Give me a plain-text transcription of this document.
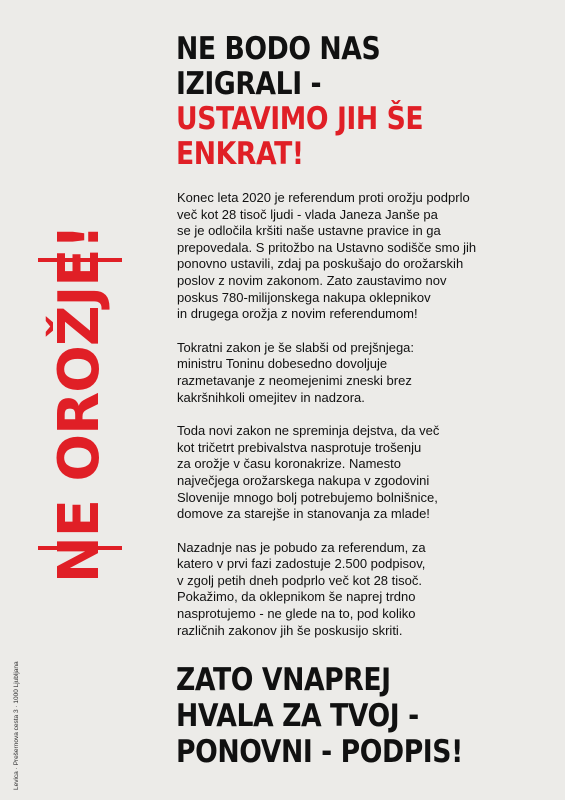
NE OROŽJE!
Levica · Prešernova cesta 3 · 1000 Ljubljana
NE BODO NAS
IZIGRALI -
USTAVIMO JIH ŠE
ENKRAT!

Konec leta 2020 je referendum proti orožju podprlo
več kot 28 tisoč ljudi - vlada Janeza Janše pa
se je odločila kršiti naše ustavne pravice in ga
prepovedala. S pritožbo na Ustavno sodišče smo jih
ponovno ustavili, zdaj pa poskušajo do orožarskih
poslov z novim zakonom. Zato zaustavimo nov
poskus 780-milijonskega nakupa oklepnikov
in drugega orožja z novim referendumom!

Tokratni zakon je še slabši od prejšnjega:
ministru Toninu dobesedno dovoljuje
razmetavanje z neomejenimi zneski brez
kakršnihkoli omejitev in nadzora.

Toda novi zakon ne spreminja dejstva, da več
kot tričetrt prebivalstva nasprotuje trošenju
za orožje v času koronakrize. Namesto
največjega orožarskega nakupa v zgodovini
Slovenije mnogo bolj potrebujemo bolnišnice,
domove za starejše in stanovanja za mlade!

Nazadnje nas je pobudo za referendum, za
katero v prvi fazi zadostuje 2.500 podpisov,
v zgolj petih dneh podprlo več kot 28 tisoč.
Pokažimo, da oklepnikom še naprej trdno
nasprotujemo - ne glede na to, pod koliko
različnih zakonov jih še poskusijo skriti.

ZATO VNAPREJ
HVALA ZA TVOJ -
PONOVNI - PODPIS!
